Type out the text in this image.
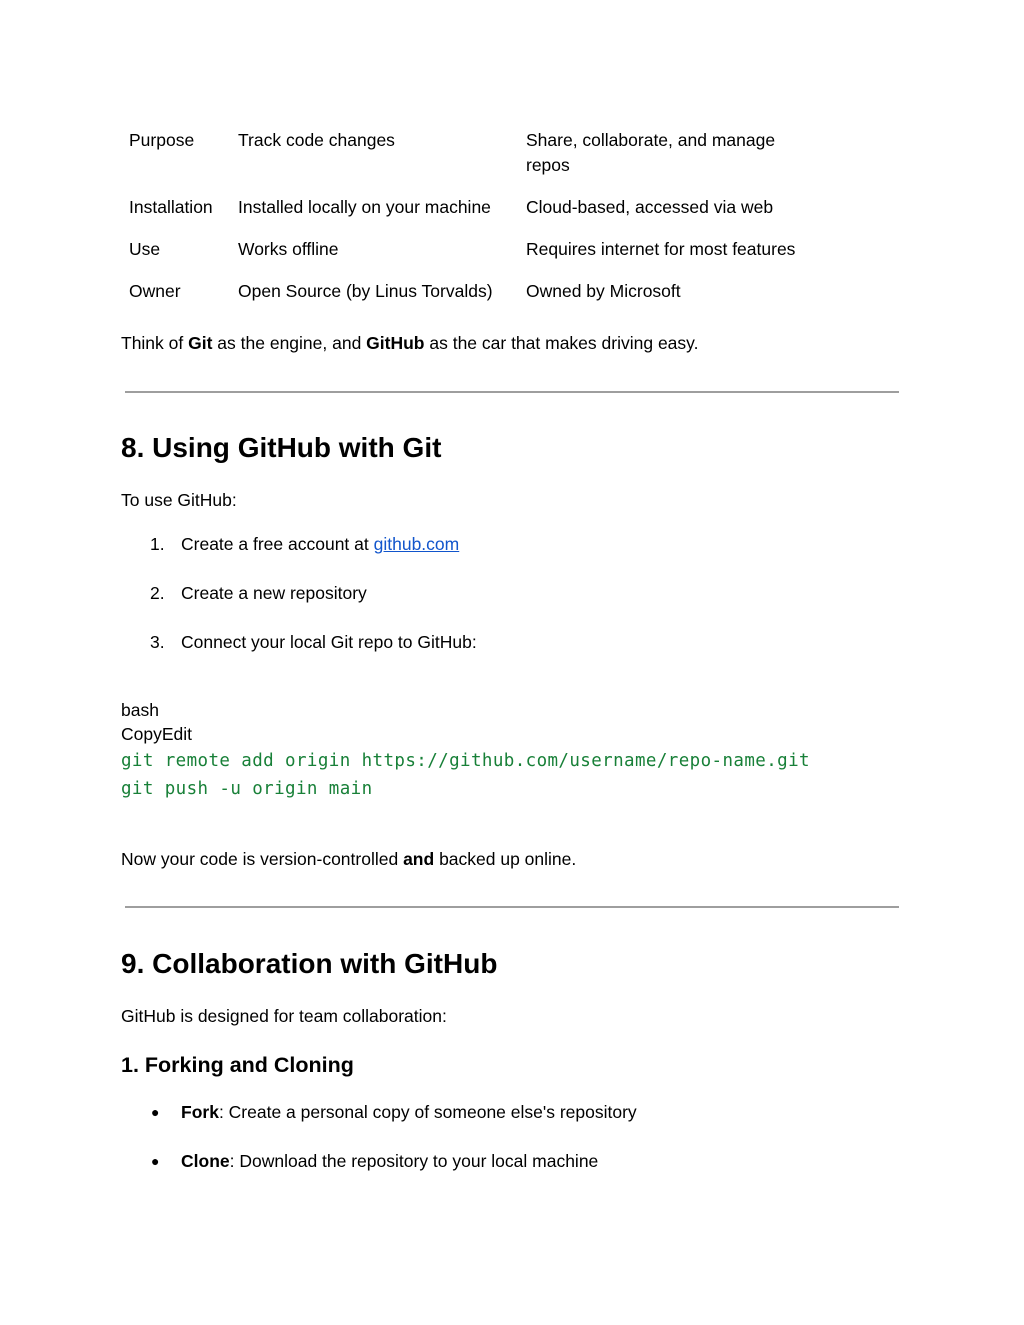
Purpose	Track code changes	Share, collaborate, and manage repos
Installation	Installed locally on your machine	Cloud-based, accessed via web
Use	Works offline	Requires internet for most features
Owner	Open Source (by Linus Torvalds)	Owned by Microsoft

Think of Git as the engine, and GitHub as the car that makes driving easy.

8. Using GitHub with Git

To use GitHub:

1. Create a free account at github.com
2. Create a new repository
3. Connect your local Git repo to GitHub:
bash
CopyEdit
git remote add origin https://github.com/username/repo-name.git
git push -u origin main

Now your code is version-controlled and backed up online.

9. Collaboration with GitHub

GitHub is designed for team collaboration:

1. Forking and Cloning
● Fork: Create a personal copy of someone else's repository
● Clone: Download the repository to your local machine
